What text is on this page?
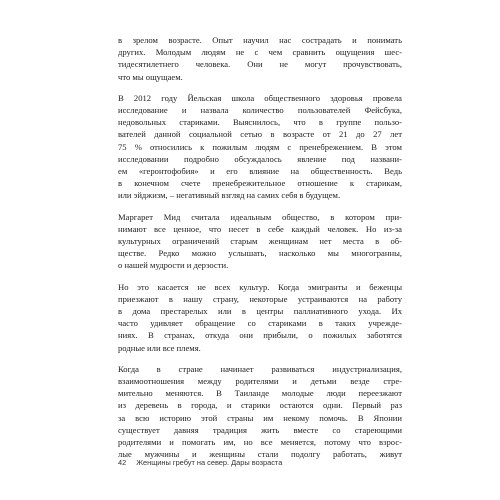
в зрелом возрасте. Опыт научил нас сострадать и понимать
других. Молодым людям не с чем сравнить ощущения шес-
тидесятилетнего человека. Они не могут прочувствовать,
что мы ощущаем.

В 2012 году Йельская школа общественного здоровья провела
исследование и назвала количество пользователей Фейсбука,
недовольных стариками. Выяснилось, что в группе пользо-
вателей данной социальной сетью в возрасте от 21 до 27 лет
75 % относились к пожилым людям с пренебрежением. В этом
исследовании подробно обсуждалось явление под названи-
ем «геронтофобия» и его влияние на общественность. Ведь
в конечном счете пренебрежительное отношение к старикам,
или эйджизм, – негативный взгляд на самих себя в будущем.

Маргарет Мид считала идеальным общество, в котором при-
нимают все ценное, что несет в себе каждый человек. Но из-за
культурных ограничений старым женщинам нет места в об-
ществе. Редко можно услышать, насколько мы многогранны,
о нашей мудрости и дерзости.

Но это касается не всех культур. Когда эмигранты и беженцы
приезжают в нашу страну, некоторые устраиваются на работу
в дома престарелых или в центры паллиативного ухода. Их
часто удивляет обращение со стариками в таких учрежде-
ниях. В странах, откуда они прибыли, о пожилых заботятся
родные или все племя.

Когда в стране начинает развиваться индустриализация,
взаимоотношения между родителями и детьми везде стре-
мительно меняются. В Таиланде молодые люди переезжают
из деревень в города, и старики остаются одни. Первый раз
за всю историю этой страны им некому помочь. В Японии
существует давняя традиция жить вместе со стареющими
родителями и помогать им, но все меняется, потому что взрос-
лые мужчины и женщины стали подолгу работать, живут

42 Женщины гребут на север. Дары возраста
